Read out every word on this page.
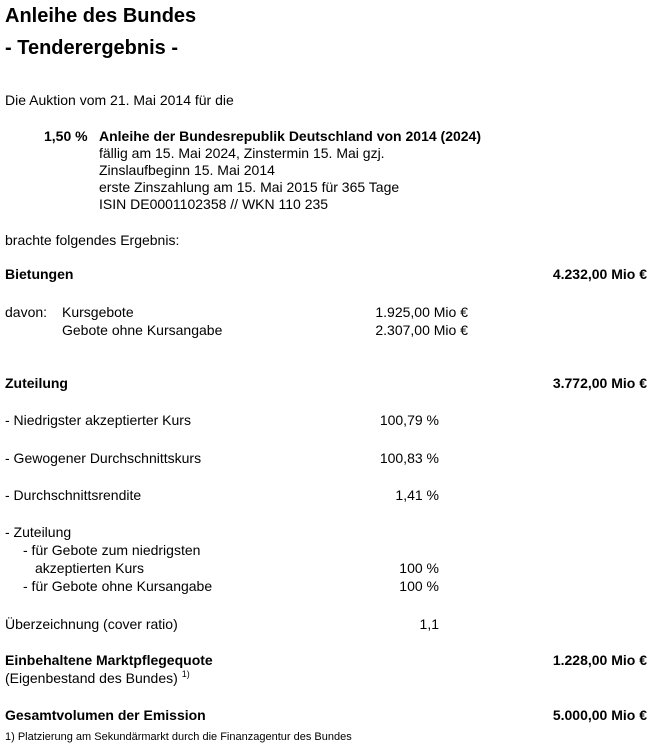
Anleihe des Bundes
- Tenderergebnis -
Die Auktion vom 21. Mai 2014 für die
1,50 % Anleihe der Bundesrepublik Deutschland von 2014 (2024)
fällig am 15. Mai 2024, Zinstermin 15. Mai gzj.
Zinslaufbeginn 15. Mai 2014
erste Zinszahlung am 15. Mai 2015 für 365 Tage
ISIN DE0001102358 // WKN 110 235
brachte folgendes Ergebnis:
Bietungen	4.232,00 Mio €
davon: Kursgebote	1.925,00 Mio €
Gebote ohne Kursangabe	2.307,00 Mio €
Zuteilung	3.772,00 Mio €
- Niedrigster akzeptierter Kurs	100,79 %
- Gewogener Durchschnittskurs	100,83 %
- Durchschnittsrendite	1,41 %
- Zuteilung
- für Gebote zum niedrigsten
akzeptierten Kurs	100 %
- für Gebote ohne Kursangabe	100 %
Überzeichnung (cover ratio)	1,1
Einbehaltene Marktpflegequote	1.228,00 Mio €
(Eigenbestand des Bundes) $^{1)}$
Gesamtvolumen der Emission	5.000,00 Mio €
1) Platzierung am Sekundärmarkt durch die Finanzagentur des Bundes
